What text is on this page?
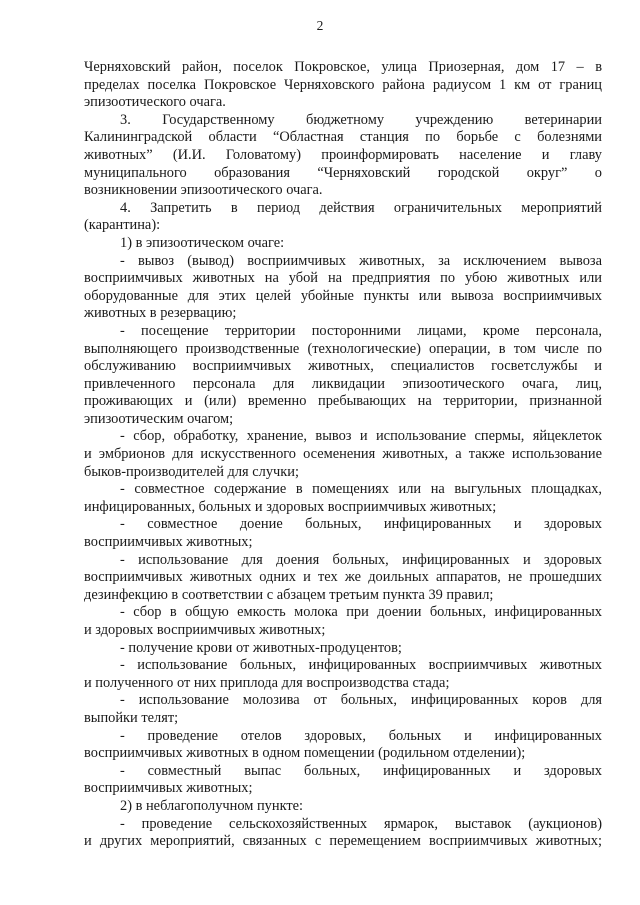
2
Черняховский район, поселок Покровское, улица Приозерная, дом 17 – в
пределах поселка Покровское Черняховского района радиусом 1 км от границ
эпизоотического очага.
3. Государственному бюджетному учреждению ветеринарии
Калининградской области “Областная станция по борьбе с болезнями
животных” (И.И. Головатому) проинформировать население и главу
муниципального образования “Черняховский городской округ” о
возникновении эпизоотического очага.
4. Запретить в период действия ограничительных мероприятий
(карантина):
1) в эпизоотическом очаге:
- вывоз (вывод) восприимчивых животных, за исключением вывоза
восприимчивых животных на убой на предприятия по убою животных или
оборудованные для этих целей убойные пункты или вывоза восприимчивых
животных в резервацию;
- посещение территории посторонними лицами, кроме персонала,
выполняющего производственные (технологические) операции, в том числе по
обслуживанию восприимчивых животных, специалистов госветслужбы и
привлеченного персонала для ликвидации эпизоотического очага, лиц,
проживающих и (или) временно пребывающих на территории, признанной
эпизоотическим очагом;
- сбор, обработку, хранение, вывоз и использование спермы, яйцеклеток
и эмбрионов для искусственного осеменения животных, а также использование
быков-производителей для случки;
- совместное содержание в помещениях или на выгульных площадках,
инфицированных, больных и здоровых восприимчивых животных;
- совместное доение больных, инфицированных и здоровых
восприимчивых животных;
- использование для доения больных, инфицированных и здоровых
восприимчивых животных одних и тех же доильных аппаратов, не прошедших
дезинфекцию в соответствии с абзацем третьим пункта 39 правил;
- сбор в общую емкость молока при доении больных, инфицированных
и здоровых восприимчивых животных;
- получение крови от животных-продуцентов;
- использование больных, инфицированных восприимчивых животных
и полученного от них приплода для воспроизводства стада;
- использование молозива от больных, инфицированных коров для
выпойки телят;
- проведение отелов здоровых, больных и инфицированных
восприимчивых животных в одном помещении (родильном отделении);
- совместный выпас больных, инфицированных и здоровых
восприимчивых животных;
2) в неблагополучном пункте:
- проведение сельскохозяйственных ярмарок, выставок (аукционов)
и других мероприятий, связанных с перемещением восприимчивых животных;
